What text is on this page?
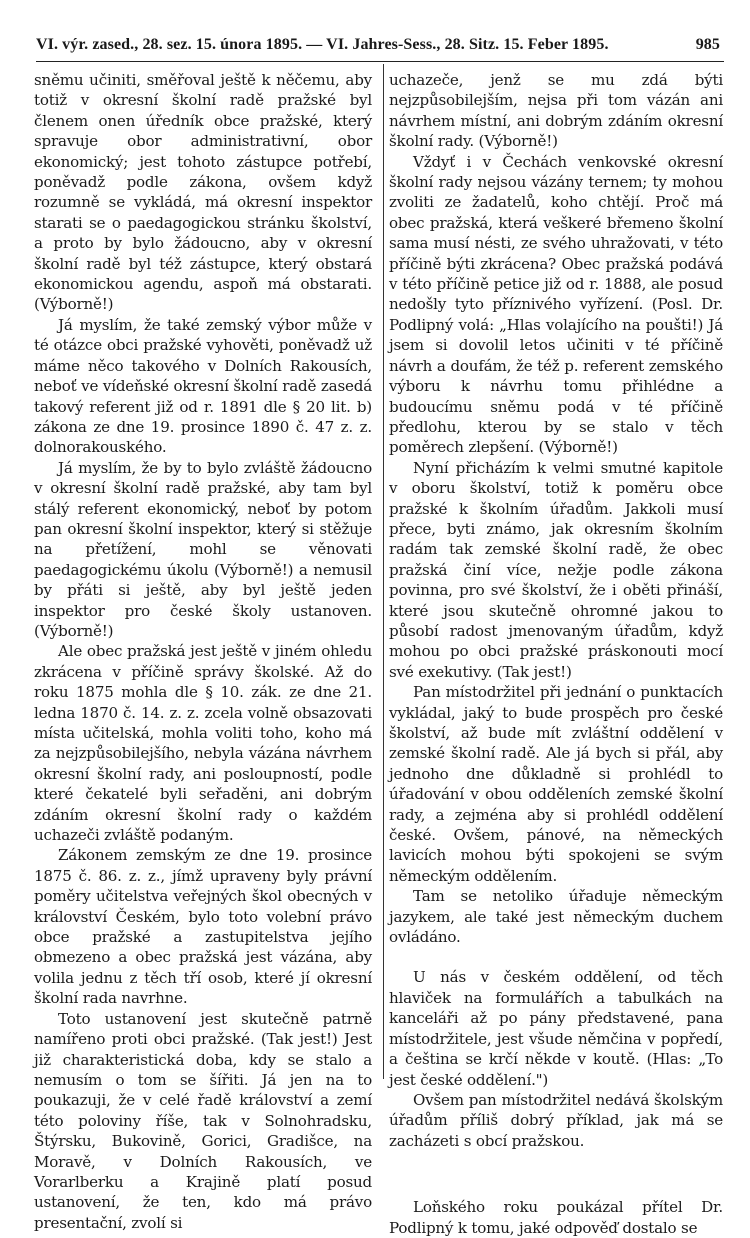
VI. výr. zased., 28. sez. 15. února 1895. — VI. Jahres-Sess., 28. Sitz. 15. Feber 1895.	985

sněmu učiniti, směřoval ještě k něčemu, aby totiž v okresní školní radě pražské byl členem onen úředník obce pražské, který spravuje obor administrativní, obor ekonomický; jest tohoto zástupce potřebí, poněvadž podle zákona, ovšem když rozumně se vykládá, má okresní inspektor starati se o paedagogickou stránku školství, a proto by bylo žádoucno, aby v okresní školní radě byl též zástupce, který obstará ekonomickou agendu, aspoň má obstarati. (Výborně!)

Já myslím, že také zemský výbor může v té otázce obci pražské vyhověti, poněvadž už máme něco takového v Dolních Rakousích, neboť ve vídeňské okresní školní radě zasedá takový referent již od r. 1891 dle § 20 lit. b) zákona ze dne 19. prosince 1890 č. 47 z. z. dolnorakouského.

Já myslím, že by to bylo zvláště žádoucno v okresní školní radě pražské, aby tam byl stálý referent ekonomický, neboť by potom pan okresní školní inspektor, který si stěžuje na přetížení, mohl se věnovati paedagogickému úkolu (Výborně!) a nemusil by přáti si ještě, aby byl ještě jeden inspektor pro české školy ustanoven. (Výborně!)

Ale obec pražská jest ještě v jiném ohledu zkrácena v příčině správy školské. Až do roku 1875 mohla dle § 10. zák. ze dne 21. ledna 1870 č. 14. z. z. zcela volně obsazovati místa učitelská, mohla voliti toho, koho má za nejzpůsobilejšího, nebyla vázána návrhem okresní školní rady, ani posloupností, podle které čekatelé byli seřaděni, ani dobrým zdáním okresní školní rady o každém uchazeči zvláště podaným.

Zákonem zemským ze dne 19. prosince 1875 č. 86. z. z., jímž upraveny byly právní poměry učitelstva veřejných škol obecných v království Českém, bylo toto volební právo obce pražské a zastupitelstva jejího obmezeno a obec pražská jest vázána, aby volila jednu z těch tří osob, které jí okresní školní rada navrhne.

Toto ustanovení jest skutečně patrně namířeno proti obci pražské. (Tak jest!) Jest již charakteristická doba, kdy se stalo a nemusím o tom se šířiti. Já jen na to poukazuji, že v celé řadě království a zemí této poloviny říše, tak v Solnohradsku, Štýrsku, Bukovině, Gorici, Gradišce, na Moravě, v Dolních Rakousích, ve Vorarlberku a Krajině platí posud ustanovení, že ten, kdo má právo presentační, zvolí si

uchazeče, jenž se mu zdá býti nejzpůsobilejším, nejsa při tom vázán ani návrhem místní, ani dobrým zdáním okresní školní rady. (Výborně!)

Vždyť i v Čechách venkovské okresní školní rady nejsou vázány ternem; ty mohou zvoliti ze žadatelů, koho chtějí. Proč má obec pražská, která veškeré břemeno školní sama musí nésti, ze svého uhražovati, v této příčině býti zkrácena? Obec pražská podává v této příčině petice již od r. 1888, ale posud nedošly tyto příznivého vyřízení. (Posl. Dr. Podlipný volá: „Hlas volajícího na poušti!) Já jsem si dovolil letos učiniti v té příčině návrh a doufám, že též p. referent zemského výboru k návrhu tomu přihlédne a budoucímu sněmu podá v té příčině předlohu, kterou by se stalo v těch poměrech zlepšení. (Výborně!)

Nyní přicházím k velmi smutné kapitole v oboru školství, totiž k poměru obce pražské k školním úřadům. Jakkoli musí přece, byti známo, jak okresním školním radám tak zemské školní radě, že obec pražská činí více, nežje podle zákona povinna, pro své školství, že i oběti přináší, které jsou skutečně ohromné jakou to působí radost jmenovaným úřadům, když mohou po obci pražské práskonouti mocí své exekutivy. (Tak jest!)

Pan místodržitel při jednání o punktacích vykládal, jaký to bude prospěch pro české školství, až bude mít zvláštní oddělení v zemské školní radě. Ale já bych si přál, aby jednoho dne důkladně si prohlédl to úřadování v obou odděleních zemské školní rady, a zejména aby si prohlédl oddělení české. Ovšem, pánové, na německých lavicích mohou býti spokojeni se svým německým oddělením.

Tam se netoliko úřaduje německým jazykem, ale také jest německým duchem ovládáno.

U nás v českém oddělení, od těch hlaviček na formulářích a tabulkách na kanceláři až po pány představené, pana místodržitele, jest všude němčina v popředí, a čeština se krčí někde v koutě. (Hlas: „To jest české oddělení.")

Ovšem pan místodržitel nedává školským úřadům příliš dobrý příklad, jak má se zacházeti s obcí pražskou.

Loňského roku poukázal přítel Dr. Podlipný k tomu, jaké odpověď dostalo se
